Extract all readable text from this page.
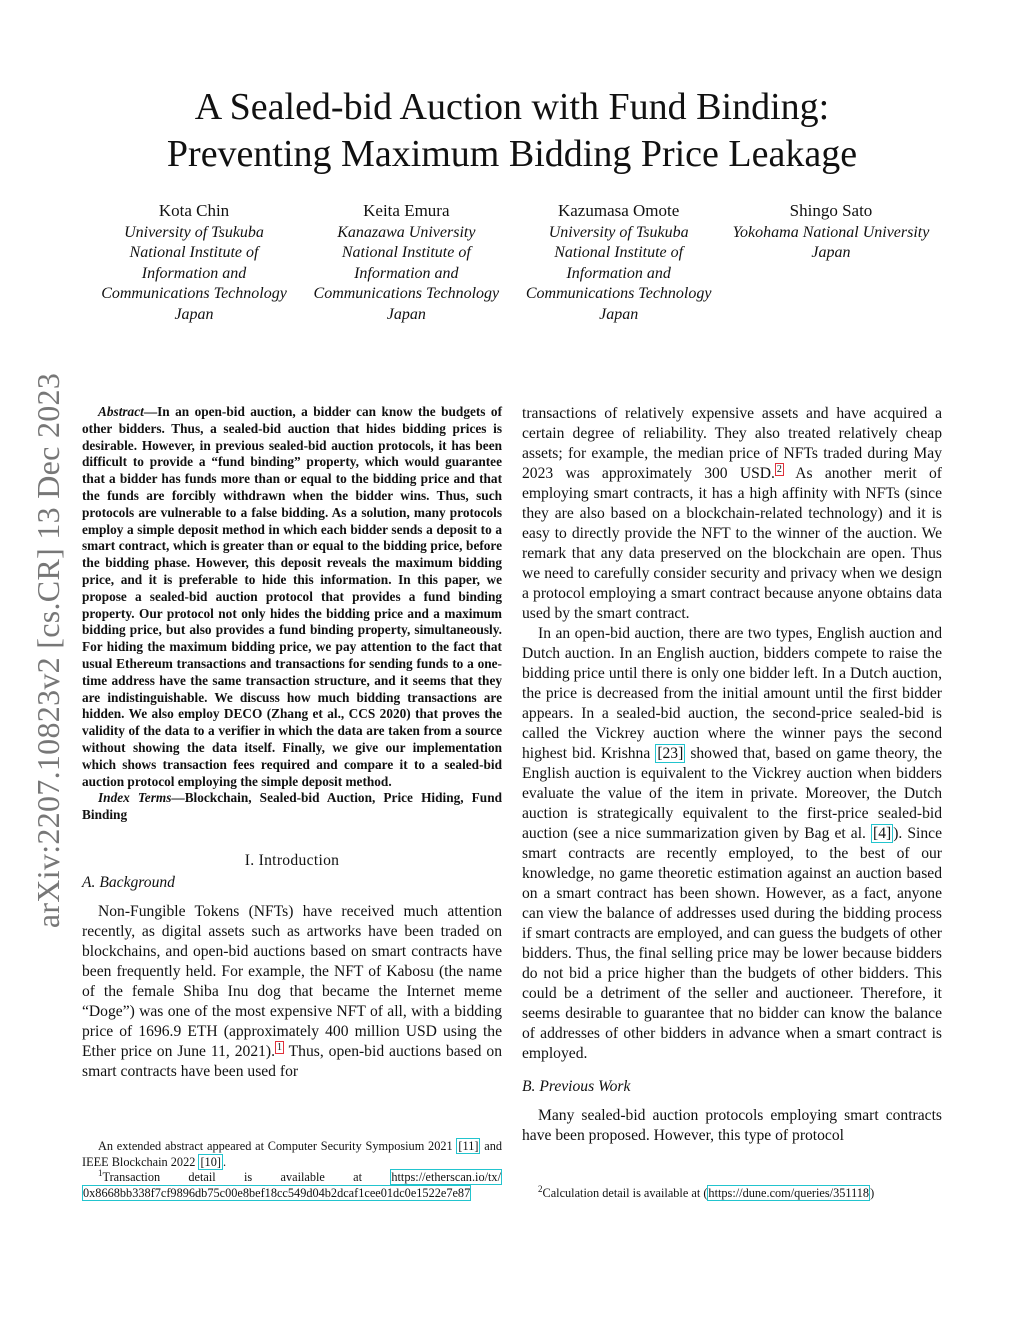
arXiv:2207.10823v2 [cs.CR] 13 Dec 2023
A Sealed-bid Auction with Fund Binding:
Preventing Maximum Bidding Price Leakage
Kota Chin
University of Tsukuba
National Institute of
Information and
Communications Technology
Japan
Keita Emura
Kanazawa University
National Institute of
Information and
Communications Technology
Japan
Kazumasa Omote
University of Tsukuba
National Institute of
Information and
Communications Technology
Japan
Shingo Sato
Yokohama National University
Japan

Abstract—In an open-bid auction, a bidder can know the budgets of other bidders. Thus, a sealed-bid auction that hides bidding prices is desirable. However, in previous sealed-bid auction protocols, it has been difficult to provide a “fund binding” property, which would guarantee that a bidder has funds more than or equal to the bidding price and that the funds are forcibly withdrawn when the bidder wins. Thus, such protocols are vulnerable to a false bidding. As a solution, many protocols employ a simple deposit method in which each bidder sends a deposit to a smart contract, which is greater than or equal to the bidding price, before the bidding phase. However, this deposit reveals the maximum bidding price, and it is preferable to hide this information. In this paper, we propose a sealed-bid auction protocol that provides a fund binding property. Our protocol not only hides the bidding price and a maximum bidding price, but also provides a fund binding property, simultaneously. For hiding the maximum bidding price, we pay attention to the fact that usual Ethereum transactions and transactions for sending funds to a one-time address have the same transaction structure, and it seems that they are indistinguishable. We discuss how much bidding transactions are hidden. We also employ DECO (Zhang et al., CCS 2020) that proves the validity of the data to a verifier in which the data are taken from a source without showing the data itself. Finally, we give our implementation which shows transaction fees required and compare it to a sealed-bid auction protocol employing the simple deposit method.

Index Terms—Blockchain, Sealed-bid Auction, Price Hiding, Fund Binding

I. Introduction
A. Background

Non-Fungible Tokens (NFTs) have received much attention recently, as digital assets such as artworks have been traded on blockchains, and open-bid auctions based on smart contracts have been frequently held. For example, the NFT of Kabosu (the name of the female Shiba Inu dog that became the Internet meme “Doge”) was one of the most expensive NFT of all, with a bidding price of 1696.9 ETH (approximately 400 million USD using the Ether price on June 11, 2021). $^1$ Thus, open-bid auctions based on smart contracts have been used for

transactions of relatively expensive assets and have acquired a certain degree of reliability. They also treated relatively cheap assets; for example, the median price of NFTs traded during May 2023 was approximately 300 USD. $^2$ As another merit of employing smart contracts, it has a high affinity with NFTs (since they are also based on a blockchain-related technology) and it is easy to directly provide the NFT to the winner of the auction. We remark that any data preserved on the blockchain are open. Thus we need to carefully consider security and privacy when we design a protocol employing a smart contract because anyone obtains data used by the smart contract.

In an open-bid auction, there are two types, English auction and Dutch auction. In an English auction, bidders compete to raise the bidding price until there is only one bidder left. In a Dutch auction, the price is decreased from the initial amount until the first bidder appears. In a sealed-bid auction, the second-price sealed-bid is called the Vickrey auction where the winner pays the second highest bid. Krishna [23] showed that, based on game theory, the English auction is equivalent to the Vickrey auction when bidders evaluate the value of the item in private. Moreover, the Dutch auction is strategically equivalent to the first-price sealed-bid auction (see a nice summarization given by Bag et al. [4] ). Since smart contracts are recently employed, to the best of our knowledge, no game theoretic estimation against an auction based on a smart contract has been shown. However, as a fact, anyone can view the balance of addresses used during the bidding process if smart contracts are employed, and can guess the budgets of other bidders. Thus, the final selling price may be lower because bidders do not bid a price higher than the budgets of other bidders. This could be a detriment of the seller and auctioneer. Therefore, it seems desirable to guarantee that no bidder can know the balance of addresses of other bidders in advance when a smart contract is employed.

B. Previous Work

Many sealed-bid auction protocols employing smart contracts have been proposed. However, this type of protocol

An extended abstract appeared at Computer Security Symposium 2021 [11] and IEEE Blockchain 2022 [10] .

$^1$Transaction detail is available at https://etherscan.io/tx/ 0x8668bb338f7cf9896db75c00e8bef18cc549d04b2dcaf1cee01dc0e1522e7e87	$^2$Calculation detail is available at (https://dune.com/queries/351118)
